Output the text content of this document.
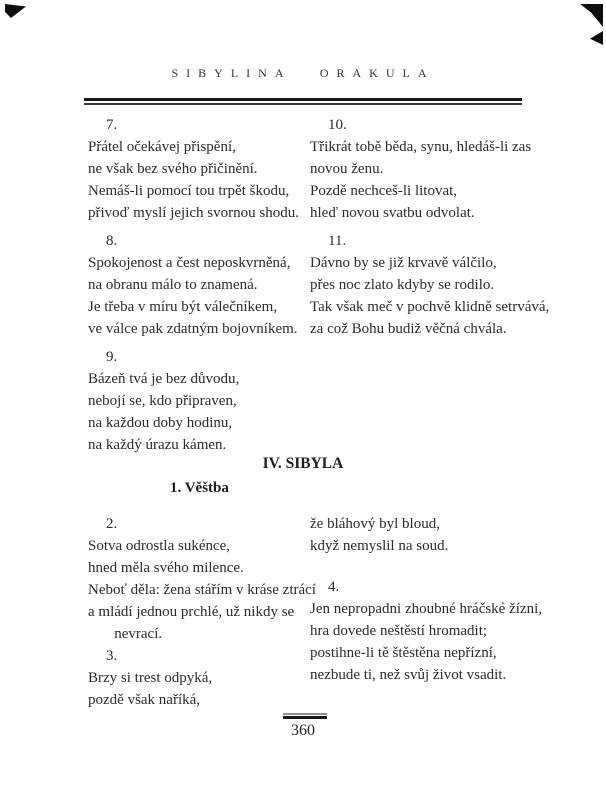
SIBYLINA ORAKULA
7.
Přátel očekávej přispění,
ne však bez svého přičinění.
Nemáš-li pomocí tou trpět škodu,
přivoď myslí jejich svornou shodu.
8.
Spokojenost a čest neposkvrněná,
na obranu málo to znamená.
Je třeba v míru být válečníkem,
ve válce pak zdatným bojovníkem.
9.
Bázeň tvá je bez důvodu,
nebojí se, kdo připraven,
na každou doby hodinu,
na každý úrazu kámen.
10.
Třikrát tobě běda, synu, hledáš-li zas
novou ženu.
Pozdě nechceš-li litovat,
hleď novou svatbu odvolat.
11.
Dávno by se již krvavě válčilo,
přes noc zlato kdyby se rodilo.
Tak však meč v pochvě klidně setrvává,
za což Bohu budiž věčná chvála.
IV. SIBYLA
1. Věštba
2.
Sotva odrostla sukénce,
hned měla svého milence.
Neboť děla: žena stářím v kráse ztrácí
a mládí jednou prchlé, už nikdy se
nevrací.
3.
Brzy si trest odpyká,
pozdě však naříká,
že bláhový byl bloud,
když nemyslil na soud.
4.
Jen nepropadni zhoubné hráčské žízni,
hra dovede neštěstí hromadit;
postihne-li tě štěstěna nepřízní,
nezbude ti, než svůj život vsadit.
360
